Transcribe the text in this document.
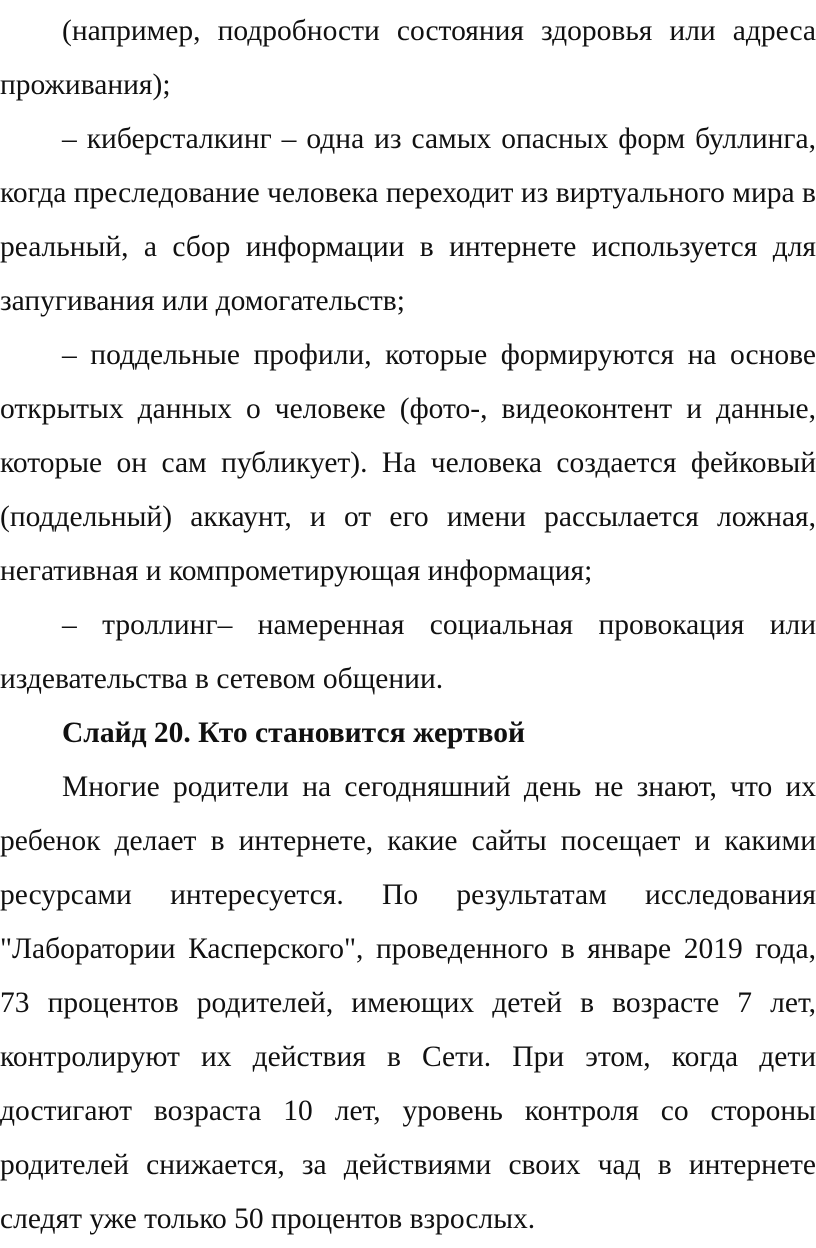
(например, подробности состояния здоровья или адреса проживания);

– киберсталкинг – одна из самых опасных форм буллинга, когда преследование человека переходит из виртуального мира в реальный, а сбор информации в интернете используется для запугивания или домогательств;

– поддельные профили, которые формируются на основе открытых данных о человеке (фото-, видеоконтент и данные, которые он сам публикует). На человека создается фейковый (поддельный) аккаунт, и от его имени рассылается ложная, негативная и компрометирующая информация;

– троллинг– намеренная социальная провокация или издевательства в сетевом общении.

Слайд 20. Кто становится жертвой

Многие родители на сегодняшний день не знают, что их ребенок делает в интернете, какие сайты посещает и какими ресурсами интересуется. По результатам исследования "Лаборатории Касперского", проведенного в январе 2019 года, 73 процентов родителей, имеющих детей в возрасте 7 лет, контролируют их действия в Сети. При этом, когда дети достигают возраста 10 лет, уровень контроля со стороны родителей снижается, за действиями своих чад в интернете следят уже только 50 процентов взрослых.
